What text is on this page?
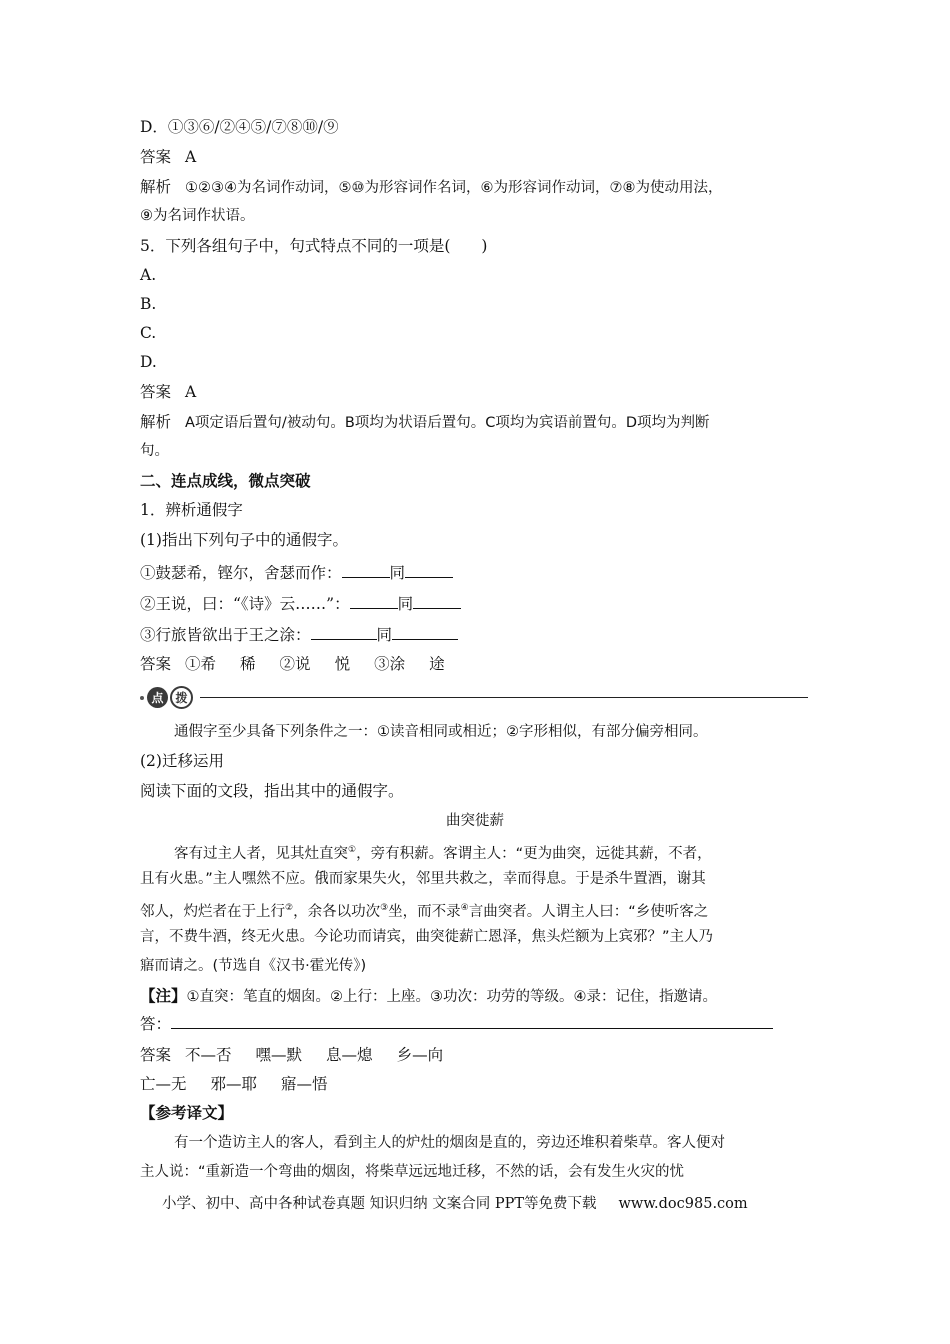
D．①③⑥/②④⑤/⑦⑧⑩/⑨
答案 A
解析 ①②③④为名词作动词，⑤⑩为形容词作名词，⑥为形容词作动词，⑦⑧为使动用法，
⑨为名词作状语。
5．下列各组句子中，句式特点不同的一项是(　　)
A.
B.
C.
D.
答案 A
解析 A项定语后置句/被动句。B项均为状语后置句。C项均为宾语前置句。D项均为判断
句。
二、连点成线，微点突破
1．辨析通假字
(1)指出下列句子中的通假字。
①鼓瑟希，铿尔，舍瑟而作：	同
②王说，曰：“《诗》云……”：	同
③行旅皆欲出于王之涂：	同
答案 ①希 稀 ②说 悦 ③涂 途
点 拨
通假字至少具备下列条件之一：①读音相同或相近；②字形相似，有部分偏旁相同。
(2)迁移运用
阅读下面的文段，指出其中的通假字。
曲突徙薪
客有过主人者，见其灶直突①，旁有积薪。客谓主人：“更为曲突，远徙其薪，不者，
且有火患。”主人嘿然不应。俄而家果失火，邻里共救之，幸而得息。于是杀牛置酒，谢其
邻人，灼烂者在于上行②，余各以功次③坐，而不录④言曲突者。人谓主人曰：“乡使听客之
言，不费牛酒，终无火患。今论功而请宾，曲突徙薪亡恩泽，焦头烂额为上宾邪？”主人乃
寤而请之。(节选自《汉书·霍光传》)
【注】①直突：笔直的烟囱。②上行：上座。③功次：功劳的等级。④录：记住，指邀请。
答：
答案 不—否 嘿—默 息—熄 乡—向
亡—无 邪—耶 寤—悟
【参考译文】
有一个造访主人的客人，看到主人的炉灶的烟囱是直的，旁边还堆积着柴草。客人便对
主人说：“重新造一个弯曲的烟囱，将柴草远远地迁移，不然的话，会有发生火灾的忧
小学、初中、高中各种试卷真题 知识归纳 文案合同 PPT等免费下载 www.doc985.com
